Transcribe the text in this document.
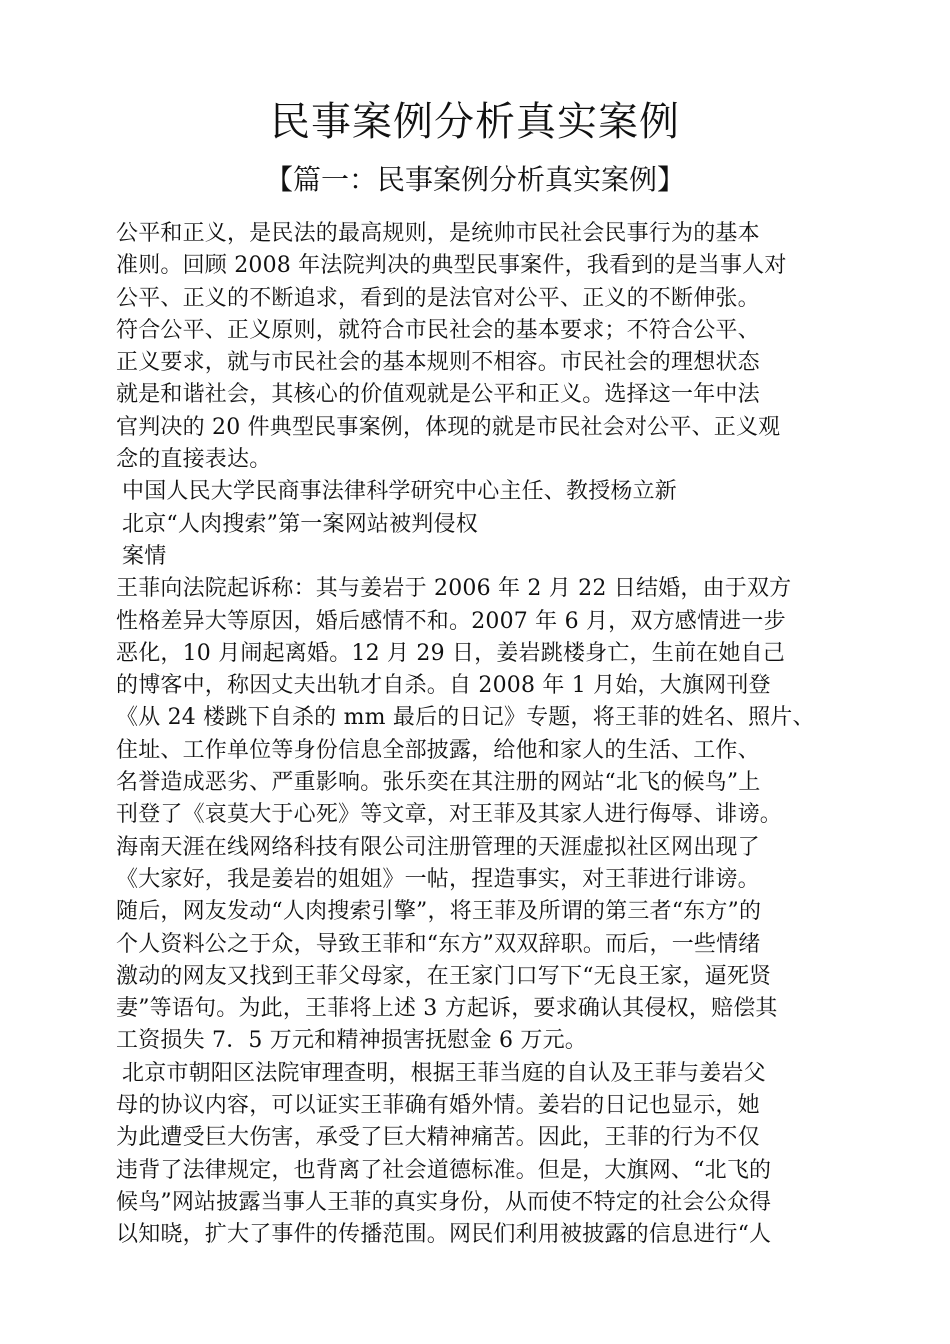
民事案例分析真实案例
【篇一：民事案例分析真实案例】
公平和正义，是民法的最高规则，是统帅市民社会民事行为的基本
准则。回顾 2008 年法院判决的典型民事案件，我看到的是当事人对
公平、正义的不断追求，看到的是法官对公平、正义的不断伸张。
符合公平、正义原则，就符合市民社会的基本要求；不符合公平、
正义要求，就与市民社会的基本规则不相容。市民社会的理想状态
就是和谐社会，其核心的价值观就是公平和正义。选择这一年中法
官判决的 20 件典型民事案例，体现的就是市民社会对公平、正义观
念的直接表达。
中国人民大学民商事法律科学研究中心主任、教授杨立新
北京“人肉搜索”第一案网站被判侵权
案情
王菲向法院起诉称：其与姜岩于 2006 年 2 月 22 日结婚，由于双方
性格差异大等原因，婚后感情不和。2007 年 6 月，双方感情进一步
恶化，10 月闹起离婚。12 月 29 日，姜岩跳楼身亡，生前在她自己
的博客中，称因丈夫出轨才自杀。自 2008 年 1 月始，大旗网刊登
《从 24 楼跳下自杀的 mm 最后的日记》专题，将王菲的姓名、照片、
住址、工作单位等身份信息全部披露，给他和家人的生活、工作、
名誉造成恶劣、严重影响。张乐奕在其注册的网站“北飞的候鸟”上
刊登了《哀莫大于心死》等文章，对王菲及其家人进行侮辱、诽谤。
海南天涯在线网络科技有限公司注册管理的天涯虚拟社区网出现了
《大家好，我是姜岩的姐姐》一帖，捏造事实，对王菲进行诽谤。
随后，网友发动“人肉搜索引擎”，将王菲及所谓的第三者“东方”的
个人资料公之于众，导致王菲和“东方”双双辞职。而后，一些情绪
激动的网友又找到王菲父母家，在王家门口写下“无良王家，逼死贤
妻”等语句。为此，王菲将上述 3 方起诉，要求确认其侵权，赔偿其
工资损失 7．5 万元和精神损害抚慰金 6 万元。
北京市朝阳区法院审理查明，根据王菲当庭的自认及王菲与姜岩父
母的协议内容，可以证实王菲确有婚外情。姜岩的日记也显示，她
为此遭受巨大伤害，承受了巨大精神痛苦。因此，王菲的行为不仅
违背了法律规定，也背离了社会道德标准。但是，大旗网、“北飞的
候鸟”网站披露当事人王菲的真实身份，从而使不特定的社会公众得
以知晓，扩大了事件的传播范围。网民们利用被披露的信息进行“人
